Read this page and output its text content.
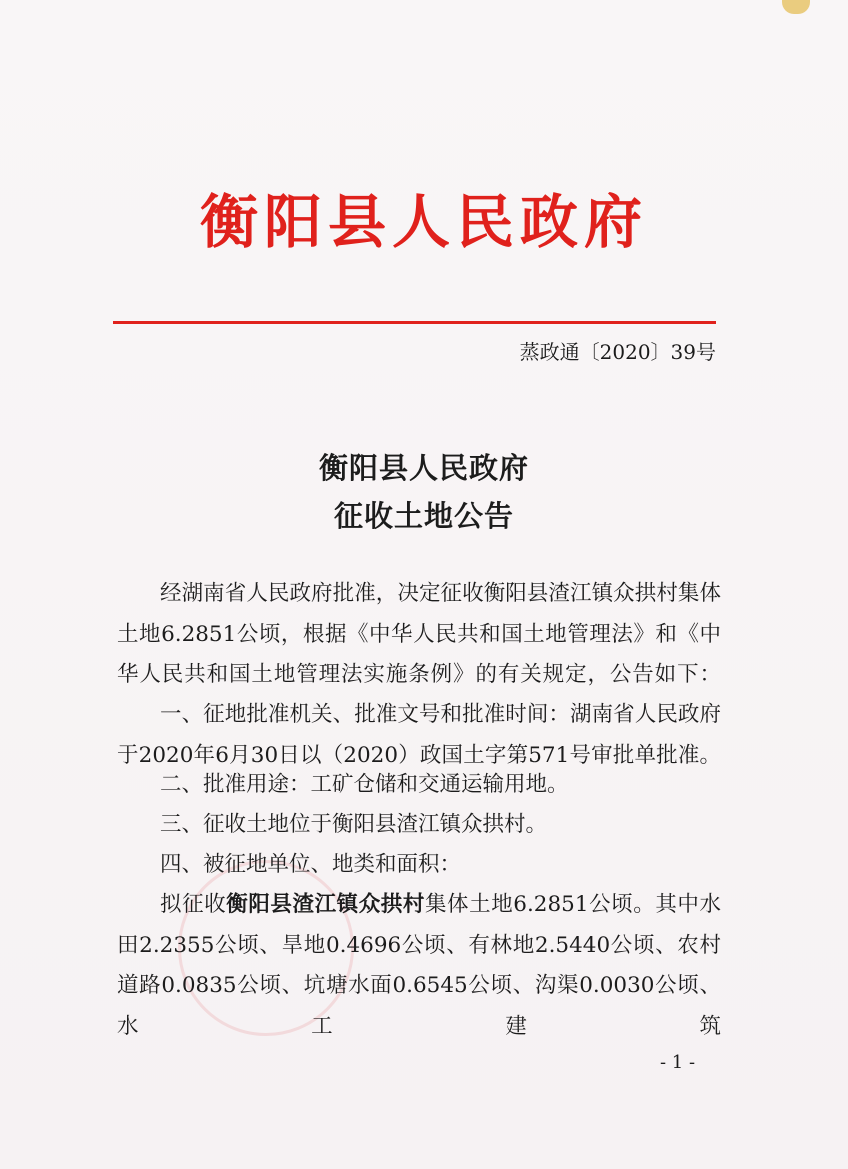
衡阳县人民政府
蒸政通〔2020〕39号
衡阳县人民政府
征收土地公告
经湖南省人民政府批准，决定征收衡阳县渣江镇众拱村集体土地6.2851公顷，根据《中华人民共和国土地管理法》和《中华人民共和国土地管理法实施条例》的有关规定，公告如下：
一、征地批准机关、批准文号和批准时间：湖南省人民政府于2020年6月30日以（2020）政国土字第571号审批单批准。
二、批准用途：工矿仓储和交通运输用地。
三、征收土地位于衡阳县渣江镇众拱村。
四、被征地单位、地类和面积：
拟征收衡阳县渣江镇众拱村集体土地6.2851公顷。其中水田2.2355公顷、旱地0.4696公顷、有林地2.5440公顷、农村道路0.0835公顷、坑塘水面0.6545公顷、沟渠0.0030公顷、水工建筑
- 1 -
